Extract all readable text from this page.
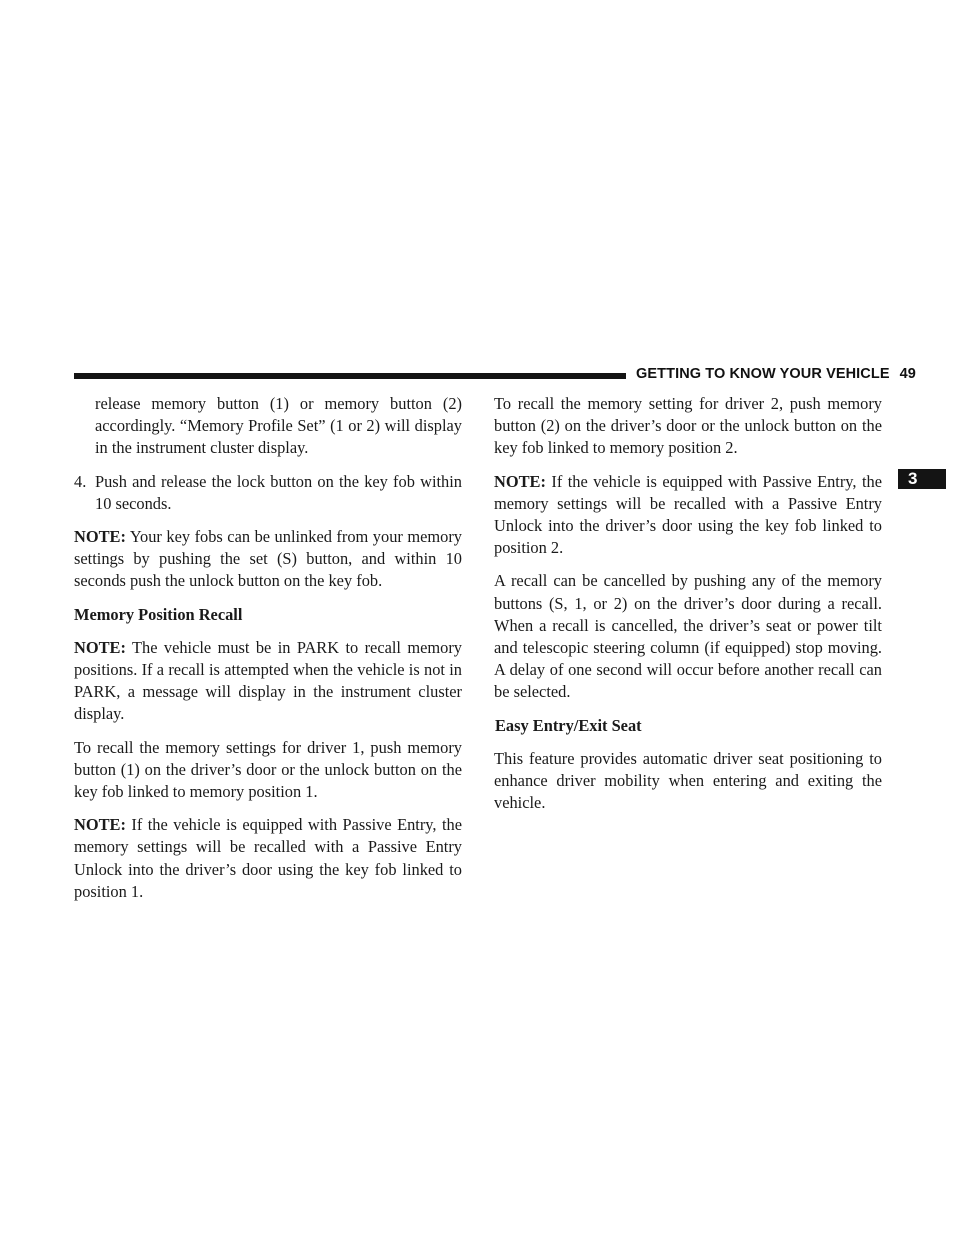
GETTING TO KNOW YOUR VEHICLE 49
3

release memory button (1) or memory button (2) accordingly. “Memory Profile Set” (1 or 2) will display in the instrument cluster display.

4. Push and release the lock button on the key fob within 10 seconds.

NOTE: Your key fobs can be unlinked from your memory settings by pushing the set (S) button, and within 10 seconds push the unlock button on the key fob.

Memory Position Recall

NOTE: The vehicle must be in PARK to recall memory positions. If a recall is attempted when the vehicle is not in PARK, a message will display in the instrument cluster display.

To recall the memory settings for driver 1, push memory button (1) on the driver’s door or the unlock button on the key fob linked to memory position 1.

NOTE: If the vehicle is equipped with Passive Entry, the memory settings will be recalled with a Passive Entry Unlock into the driver’s door using the key fob linked to position 1.

To recall the memory setting for driver 2, push memory button (2) on the driver’s door or the unlock button on the key fob linked to memory position 2.

NOTE: If the vehicle is equipped with Passive Entry, the memory settings will be recalled with a Passive Entry Unlock into the driver’s door using the key fob linked to position 2.

A recall can be cancelled by pushing any of the memory buttons (S, 1, or 2) on the driver’s door during a recall. When a recall is cancelled, the driver’s seat or power tilt and telescopic steering column (if equipped) stop moving. A delay of one second will occur before another recall can be selected.

Easy Entry/Exit Seat

This feature provides automatic driver seat positioning to enhance driver mobility when entering and exiting the vehicle.
